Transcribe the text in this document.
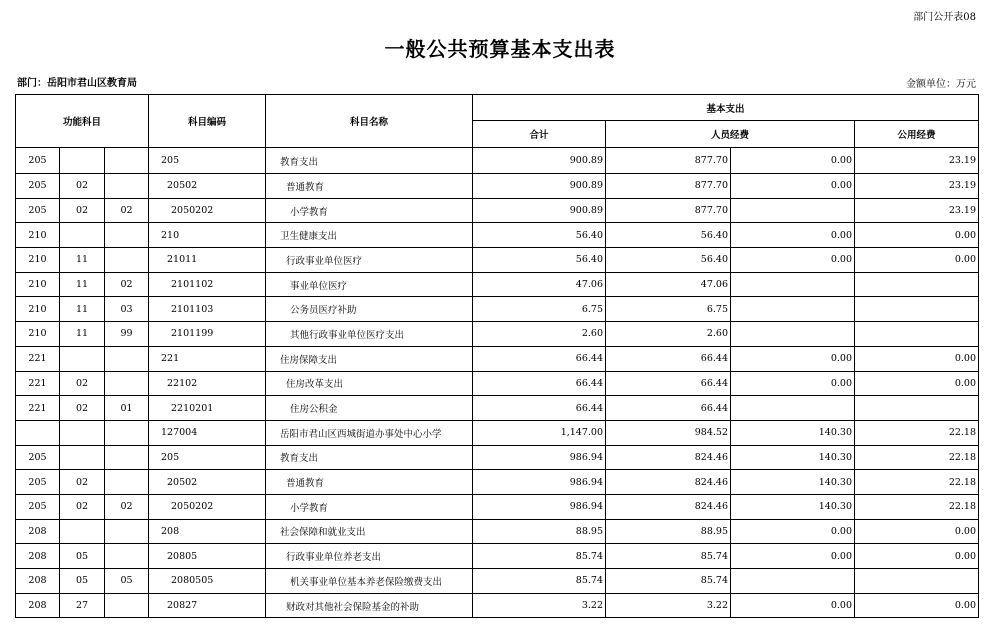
部门公开表08
一般公共预算基本支出表
部门：岳阳市君山区教育局	金额单位：万元
功能科目			科目编码	科目名称	基本支出			
					合计	人员经费		公用经费
205			205	教育支出	900.89	877.70	0.00	23.19
205	02		20502	普通教育	900.89	877.70	0.00	23.19
205	02	02	2050202	小学教育	900.89	877.70		23.19
210			210	卫生健康支出	56.40	56.40	0.00	0.00
210	11		21011	行政事业单位医疗	56.40	56.40	0.00	0.00
210	11	02	2101102	事业单位医疗	47.06	47.06		
210	11	03	2101103	公务员医疗补助	6.75	6.75		
210	11	99	2101199	其他行政事业单位医疗支出	2.60	2.60		
221			221	住房保障支出	66.44	66.44	0.00	0.00
221	02		22102	住房改革支出	66.44	66.44	0.00	0.00
221	02	01	2210201	住房公积金	66.44	66.44		
			127004	岳阳市君山区西城街道办事处中心小学	1,147.00	984.52	140.30	22.18
205			205	教育支出	986.94	824.46	140.30	22.18
205	02		20502	普通教育	986.94	824.46	140.30	22.18
205	02	02	2050202	小学教育	986.94	824.46	140.30	22.18
208			208	社会保障和就业支出	88.95	88.95	0.00	0.00
208	05		20805	行政事业单位养老支出	85.74	85.74	0.00	0.00
208	05	05	2080505	机关事业单位基本养老保险缴费支出	85.74	85.74		
208	27		20827	财政对其他社会保险基金的补助	3.22	3.22	0.00	0.00
